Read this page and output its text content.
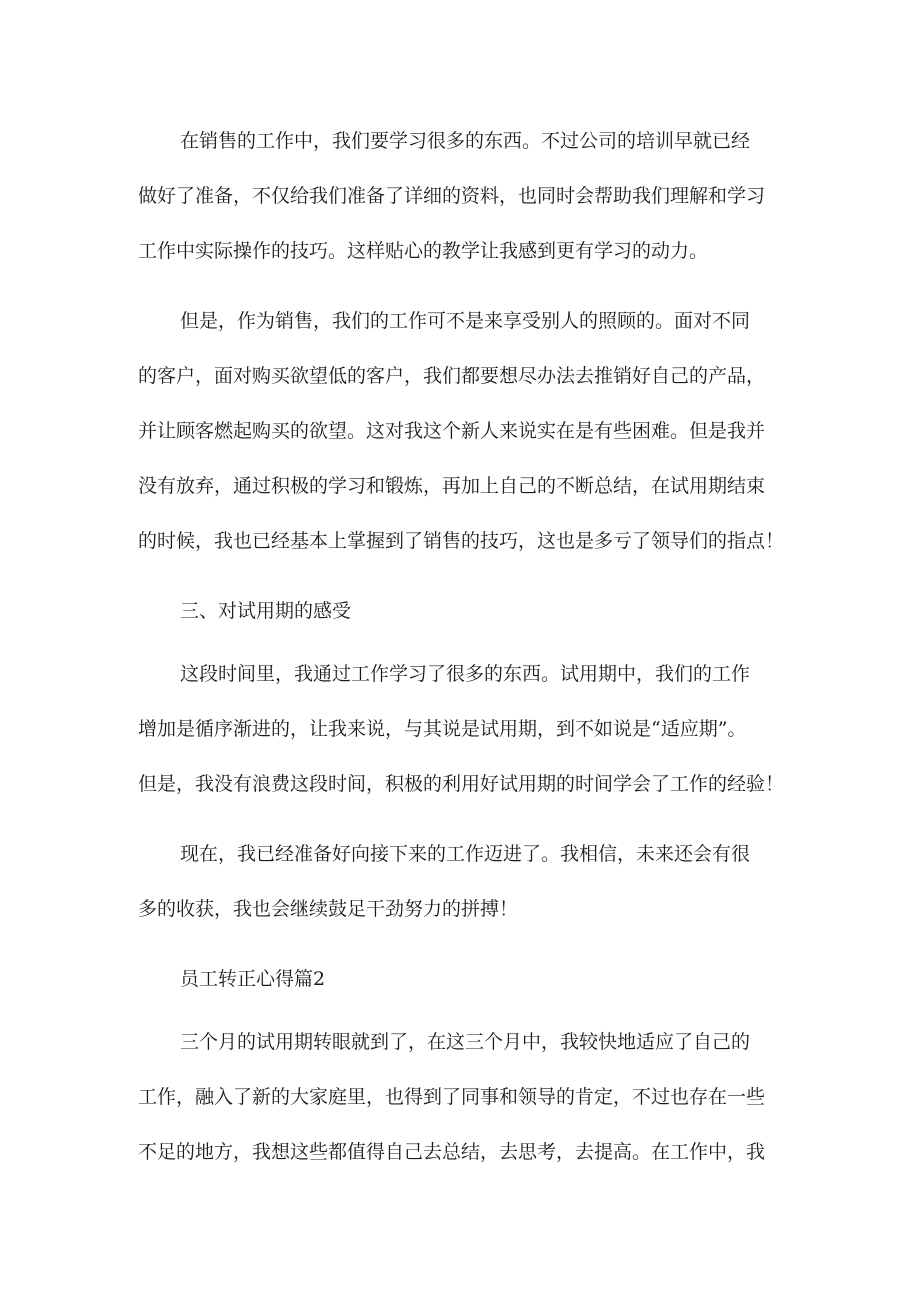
在销售的工作中，我们要学习很多的东西。不过公司的培训早就已经

做好了准备，不仅给我们准备了详细的资料，也同时会帮助我们理解和学习

工作中实际操作的技巧。这样贴心的教学让我感到更有学习的动力。

但是，作为销售，我们的工作可不是来享受别人的照顾的。面对不同

的客户，面对购买欲望低的客户，我们都要想尽办法去推销好自己的产品，

并让顾客燃起购买的欲望。这对我这个新人来说实在是有些困难。但是我并

没有放弃，通过积极的学习和锻炼，再加上自己的不断总结，在试用期结束

的时候，我也已经基本上掌握到了销售的技巧，这也是多亏了领导们的指点！

三、对试用期的感受

这段时间里，我通过工作学习了很多的东西。试用期中，我们的工作

增加是循序渐进的，让我来说，与其说是试用期，到不如说是“适应期”。

但是，我没有浪费这段时间，积极的利用好试用期的时间学会了工作的经验！

现在，我已经准备好向接下来的工作迈进了。我相信，未来还会有很

多的收获，我也会继续鼓足干劲努力的拼搏！

员工转正心得篇2

三个月的试用期转眼就到了，在这三个月中，我较快地适应了自己的

工作，融入了新的大家庭里，也得到了同事和领导的肯定，不过也存在一些

不足的地方，我想这些都值得自己去总结，去思考，去提高。在工作中，我
